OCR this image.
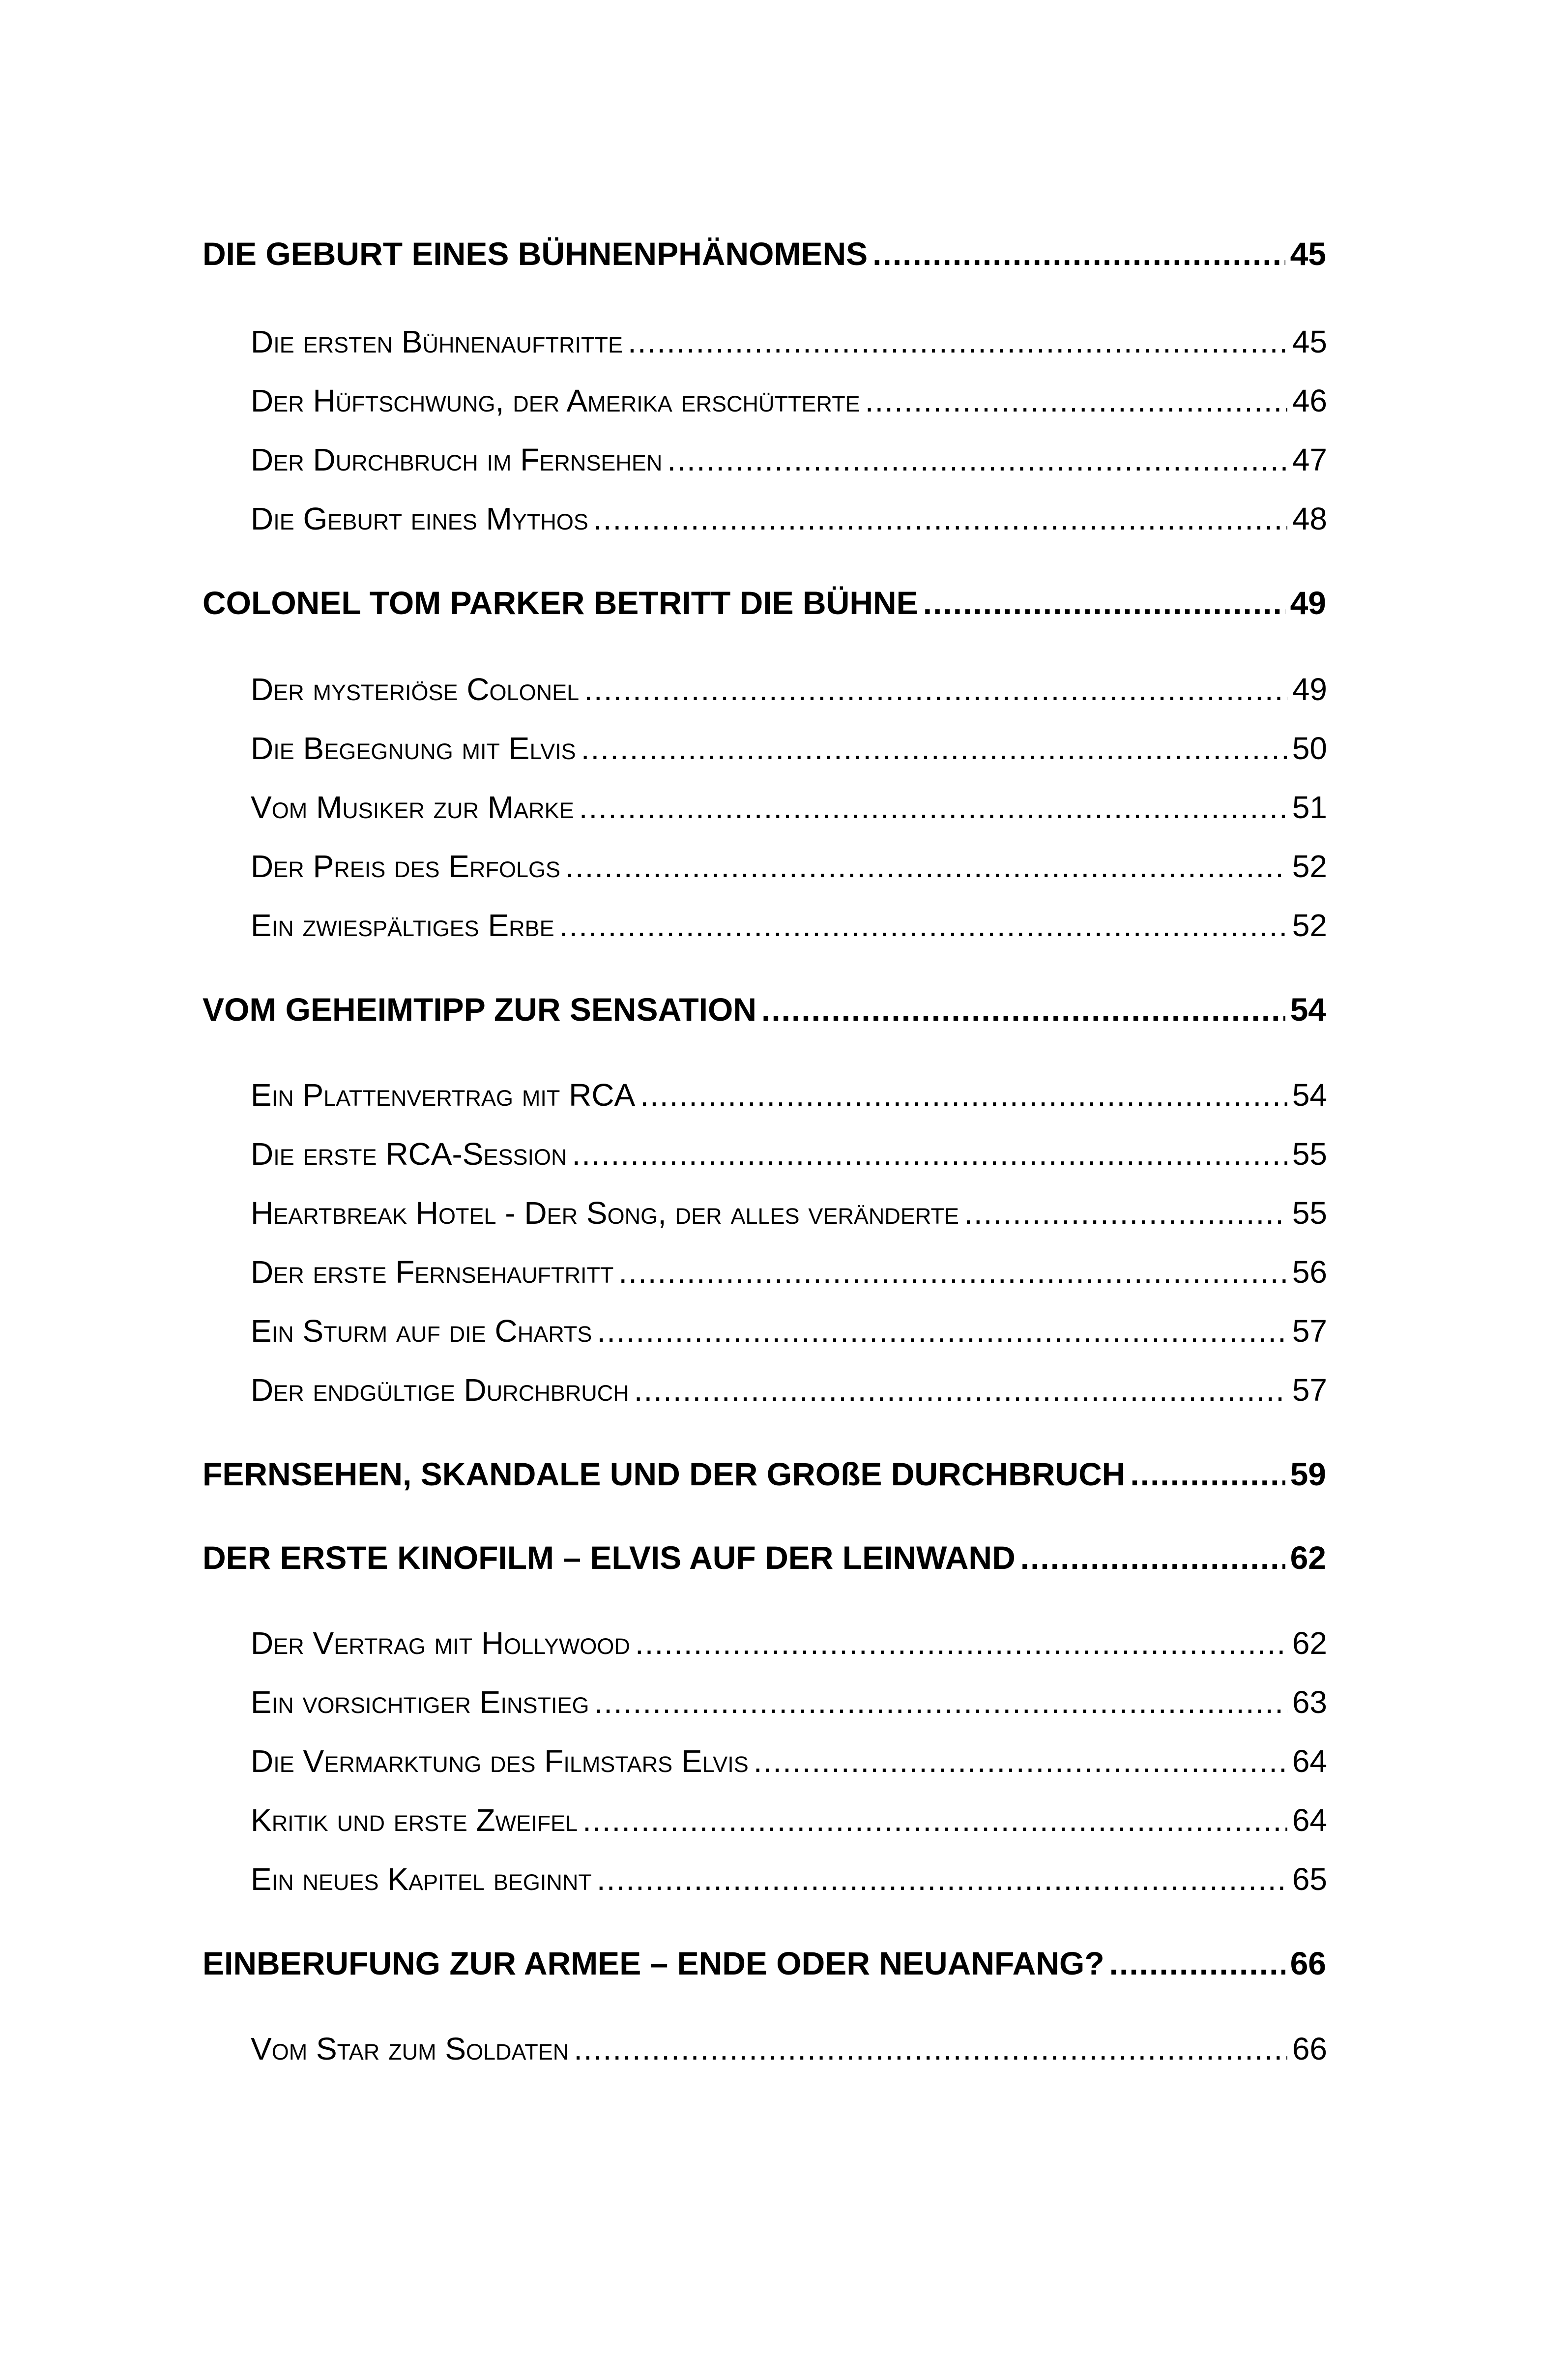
DIE GEBURT EINES BÜHNENPHÄNOMENS .....	45
Die ersten Bühnenauftritte .....	45
Der Hüftschwung, der Amerika erschütterte .....	46
Der Durchbruch im Fernsehen .....	47
Die Geburt eines Mythos .....	48
COLONEL TOM PARKER BETRITT DIE BÜHNE .....	49
Der mysteriöse Colonel .....	49
Die Begegnung mit Elvis .....	50
Vom Musiker zur Marke .....	51
Der Preis des Erfolgs .....	52
Ein zwiespältiges Erbe .....	52
VOM GEHEIMTIPP ZUR SENSATION .....	54
Ein Plattenvertrag mit RCA .....	54
Die erste RCA-Session .....	55
Heartbreak Hotel - Der Song, der alles veränderte .....	55
Der erste Fernsehauftritt .....	56
Ein Sturm auf die Charts .....	57
Der endgültige Durchbruch .....	57
FERNSEHEN, SKANDALE UND DER GROßE DURCHBRUCH .....	59
DER ERSTE KINOFILM – ELVIS AUF DER LEINWAND .....	62
Der Vertrag mit Hollywood .....	62
Ein vorsichtiger Einstieg .....	63
Die Vermarktung des Filmstars Elvis .....	64
Kritik und erste Zweifel .....	64
Ein neues Kapitel beginnt .....	65
EINBERUFUNG ZUR ARMEE – ENDE ODER NEUANFANG? .....	66
Vom Star zum Soldaten .....	66
